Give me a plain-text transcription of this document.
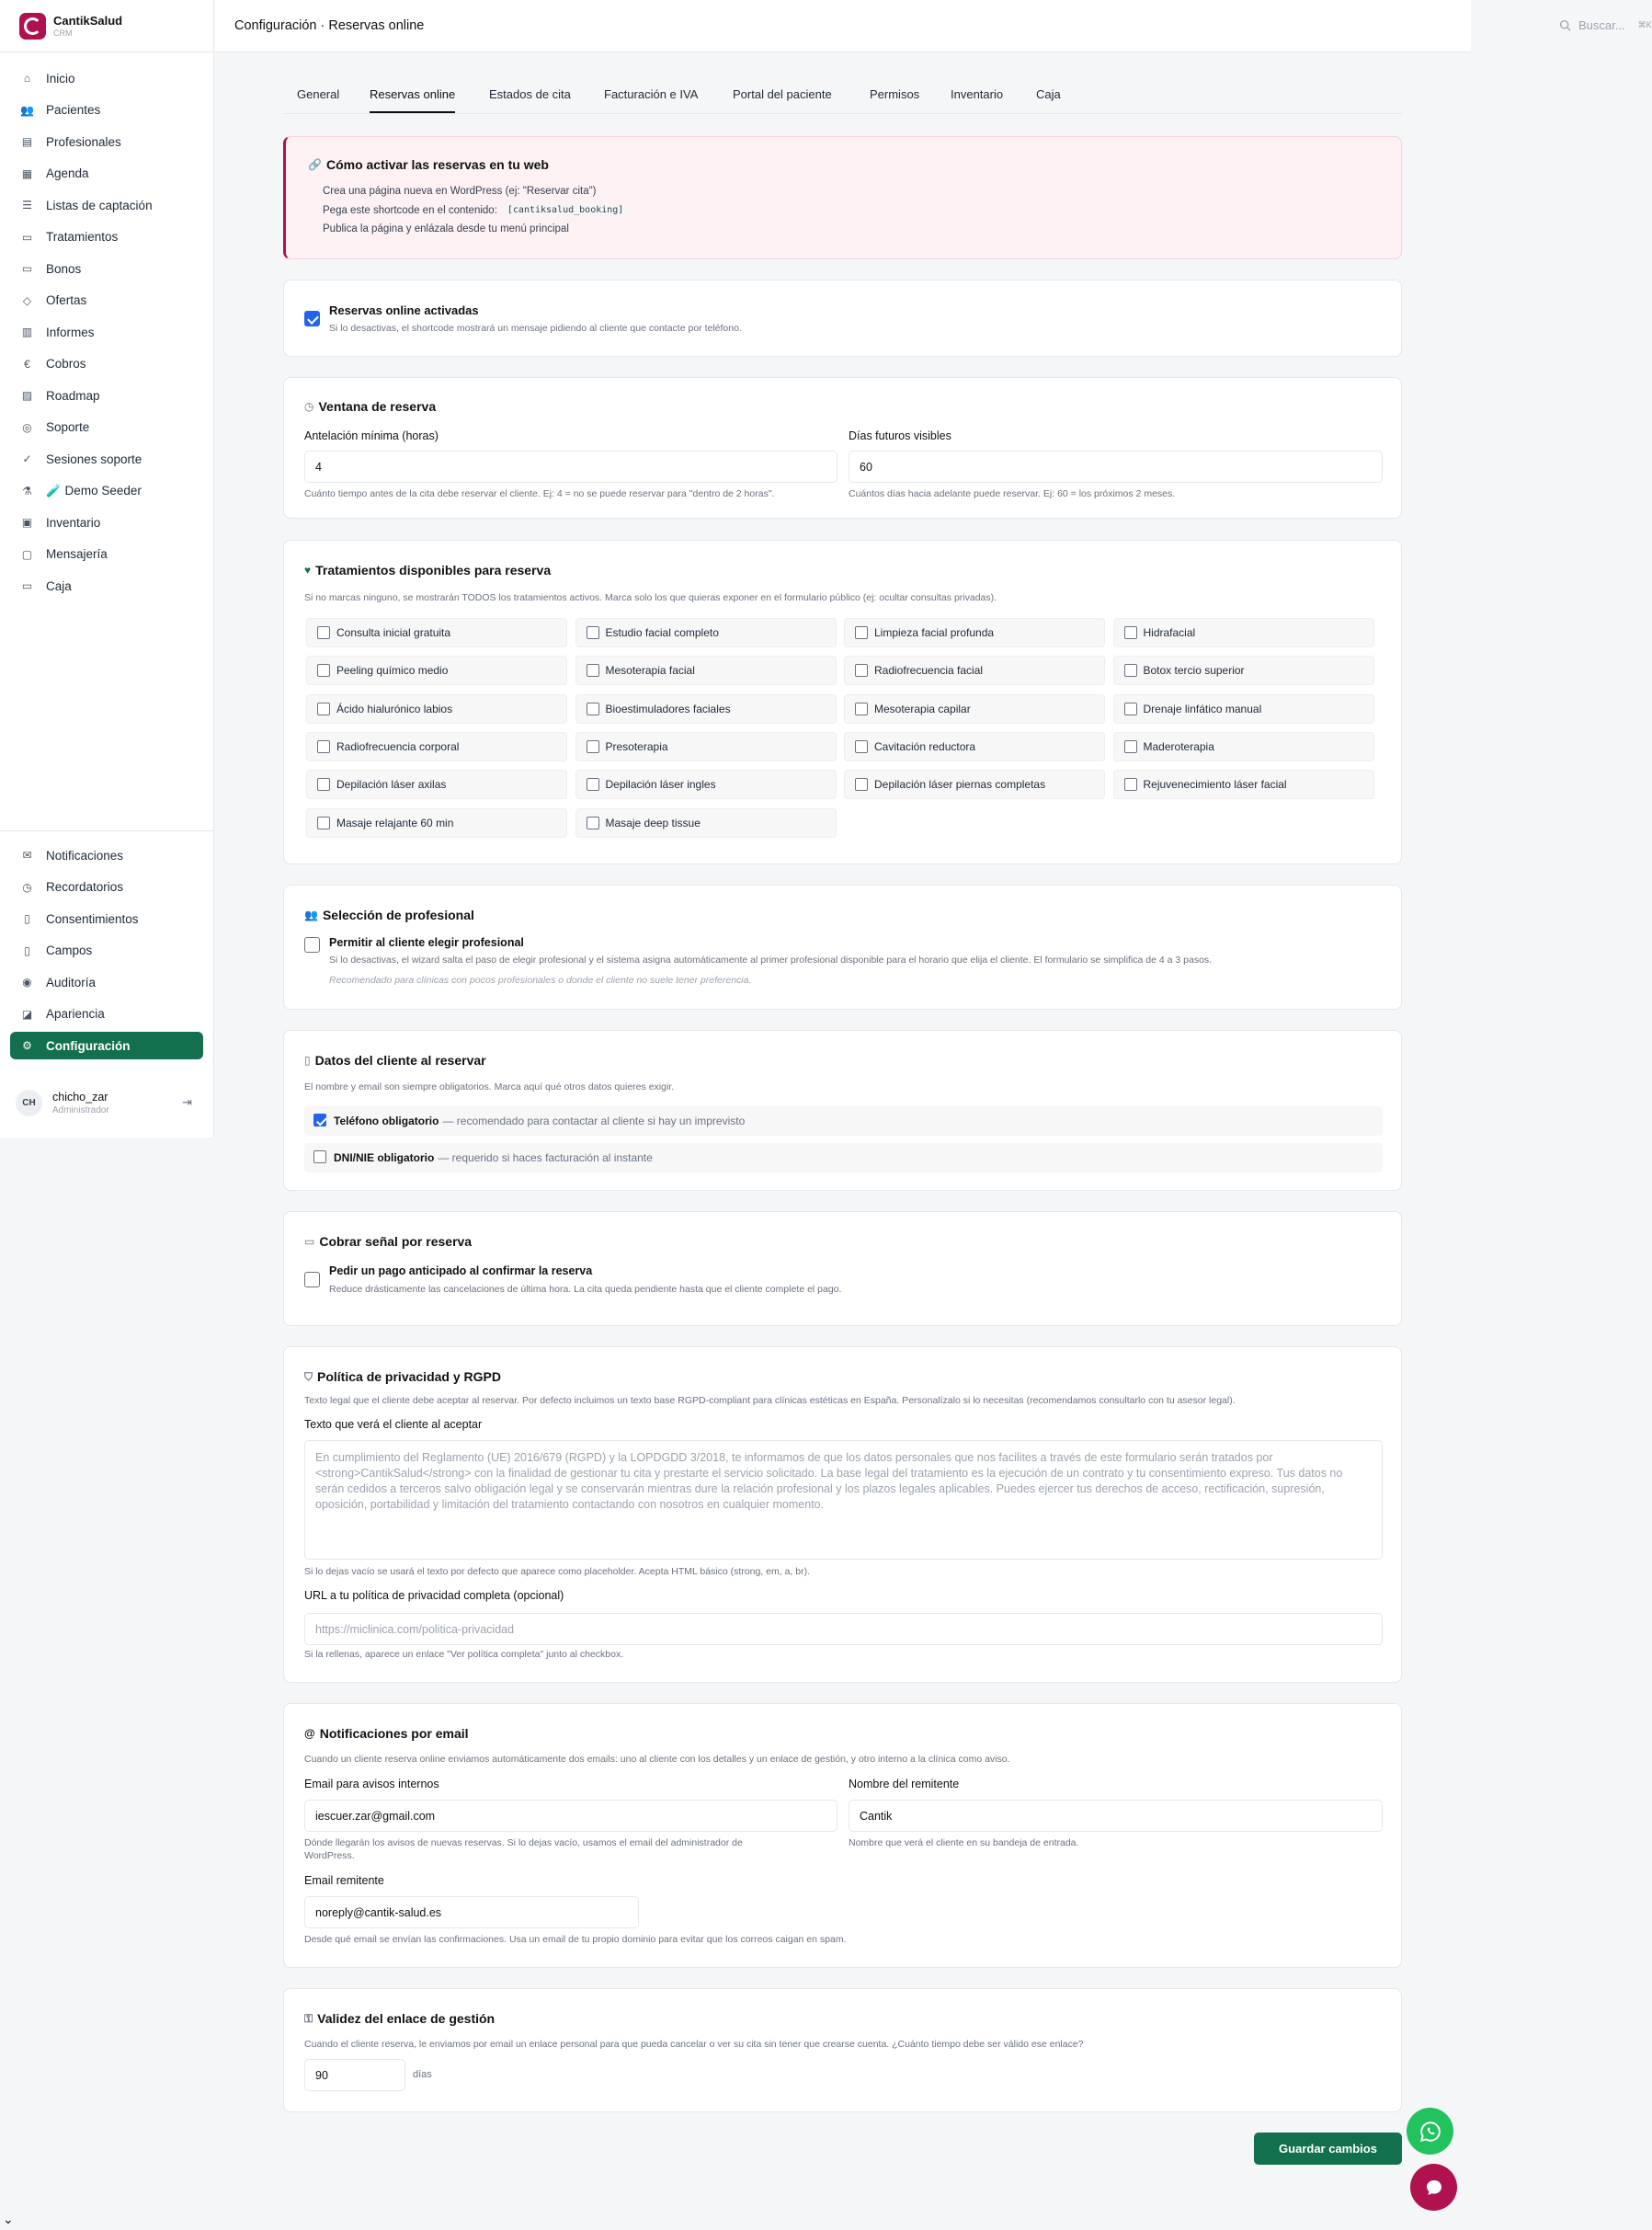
CantikSalud
CRM
⌂ Inicio
👥 Pacientes
▤ Profesionales
▦ Agenda
☰ Listas de captación
▭ Tratamientos
▭ Bonos
◇ Ofertas
▥ Informes
€	Cobros
▨ Roadmap
◎ Soporte
✓ Sesiones soporte
⚗ 🧪 Demo Seeder
▣ Inventario
▢ Mensajería
▭ Caja
✉ Notificaciones
◷ Recordatorios
▯	Consentimientos
▯	Campos
◉ Auditoría
◪ Apariencia
⚙ Configuración
CH	chicho_zar
Administrador
⇥
Configuración · Reservas online	Buscar... ⌘K
General	Reservas online	Estados de cita	Facturación e IVA	Portal del paciente	Permisos	Inventario	Caja
🔗 Cómo activar las reservas en tu web
Crea una página nueva en WordPress (ej: "Reservar cita")
Pega este shortcode en el contenido:	[cantiksalud_booking]
Publica la página y enlázala desde tu menú principal
Reservas online activadas
Si lo desactivas, el shortcode mostrará un mensaje pidiendo al cliente que contacte por teléfono.
◷ Ventana de reserva
Antelación mínima (horas)
4
Cuánto tiempo antes de la cita debe reservar el cliente. Ej: 4 = no se puede reservar para "dentro de 2 horas".
Días futuros visibles
60
Cuántos días hacia adelante puede reservar. Ej: 60 = los próximos 2 meses.
♥ Tratamientos disponibles para reserva
Si no marcas ninguno, se mostrarán TODOS los tratamientos activos. Marca solo los que quieras exponer en el formulario público (ej: ocultar consultas privadas).
Consulta inicial gratuita	Estudio facial completo	Limpieza facial profunda	Hidrafacial
Peeling químico medio	Mesoterapia facial	Radiofrecuencia facial	Botox tercio superior
Ácido hialurónico labios	Bioestimuladores faciales	Mesoterapia capilar	Drenaje linfático manual
Radiofrecuencia corporal	Presoterapia	Cavitación reductora	Maderoterapia
Depilación láser axilas	Depilación láser ingles	Depilación láser piernas completas	Rejuvenecimiento láser facial
Masaje relajante 60 min	Masaje deep tissue
👥 Selección de profesional
Permitir al cliente elegir profesional
Si lo desactivas, el wizard salta el paso de elegir profesional y el sistema asigna automáticamente al primer profesional disponible para el horario que elija el cliente. El formulario se simplifica de 4 a 3 pasos.
Recomendado para clínicas con pocos profesionales o donde el cliente no suele tener preferencia.
▯ Datos del cliente al reservar
El nombre y email son siempre obligatorios. Marca aquí qué otros datos quieres exigir.
Teléfono obligatorio — recomendado para contactar al cliente si hay un imprevisto
DNI/NIE obligatorio — requerido si haces facturación al instante
▭ Cobrar señal por reserva
Pedir un pago anticipado al confirmar la reserva
Reduce drásticamente las cancelaciones de última hora. La cita queda pendiente hasta que el cliente complete el pago.
⛉ Política de privacidad y RGPD
Texto legal que el cliente debe aceptar al reservar. Por defecto incluimos un texto base RGPD-compliant para clínicas estéticas en España. Personalízalo si lo necesitas (recomendamos consultarlo con tu asesor legal).
Texto que verá el cliente al aceptar
En cumplimiento del Reglamento (UE) 2016/679 (RGPD) y la LOPDGDD 3/2018, te informamos de que los datos personales que nos facilites a través de este formulario serán tratados por <strong>CantikSalud</strong> con la finalidad de gestionar tu cita y prestarte el servicio solicitado. La base legal del tratamiento es la ejecución de un contrato y tu consentimiento expreso. Tus datos no serán cedidos a terceros salvo obligación legal y se conservarán mientras dure la relación profesional y los plazos legales aplicables. Puedes ejercer tus derechos de acceso, rectificación, supresión, oposición, portabilidad y limitación del tratamiento contactando con nosotros en cualquier momento.
Si lo dejas vacío se usará el texto por defecto que aparece como placeholder. Acepta HTML básico (strong, em, a, br).
URL a tu política de privacidad completa (opcional)
https://miclinica.com/politica-privacidad
Si la rellenas, aparece un enlace "Ver política completa" junto al checkbox.
@ Notificaciones por email
Cuando un cliente reserva online enviamos automáticamente dos emails: uno al cliente con los detalles y un enlace de gestión, y otro interno a la clínica como aviso.
Email para avisos internos
iescuer.zar@gmail.com
Dónde llegarán los avisos de nuevas reservas. Si lo dejas vacío, usamos el email del administrador de
WordPress.
Nombre del remitente
Cantik
Nombre que verá el cliente en su bandeja de entrada.
Email remitente
noreply@cantik-salud.es
Desde qué email se envían las confirmaciones. Usa un email de tu propio dominio para evitar que los correos caigan en spam.
⚿ Validez del enlace de gestión
Cuando el cliente reserva, le enviamos por email un enlace personal para que pueda cancelar o ver su cita sin tener que crearse cuenta. ¿Cuánto tiempo debe ser válido ese enlace?
90	días
Guardar cambios
⌄
